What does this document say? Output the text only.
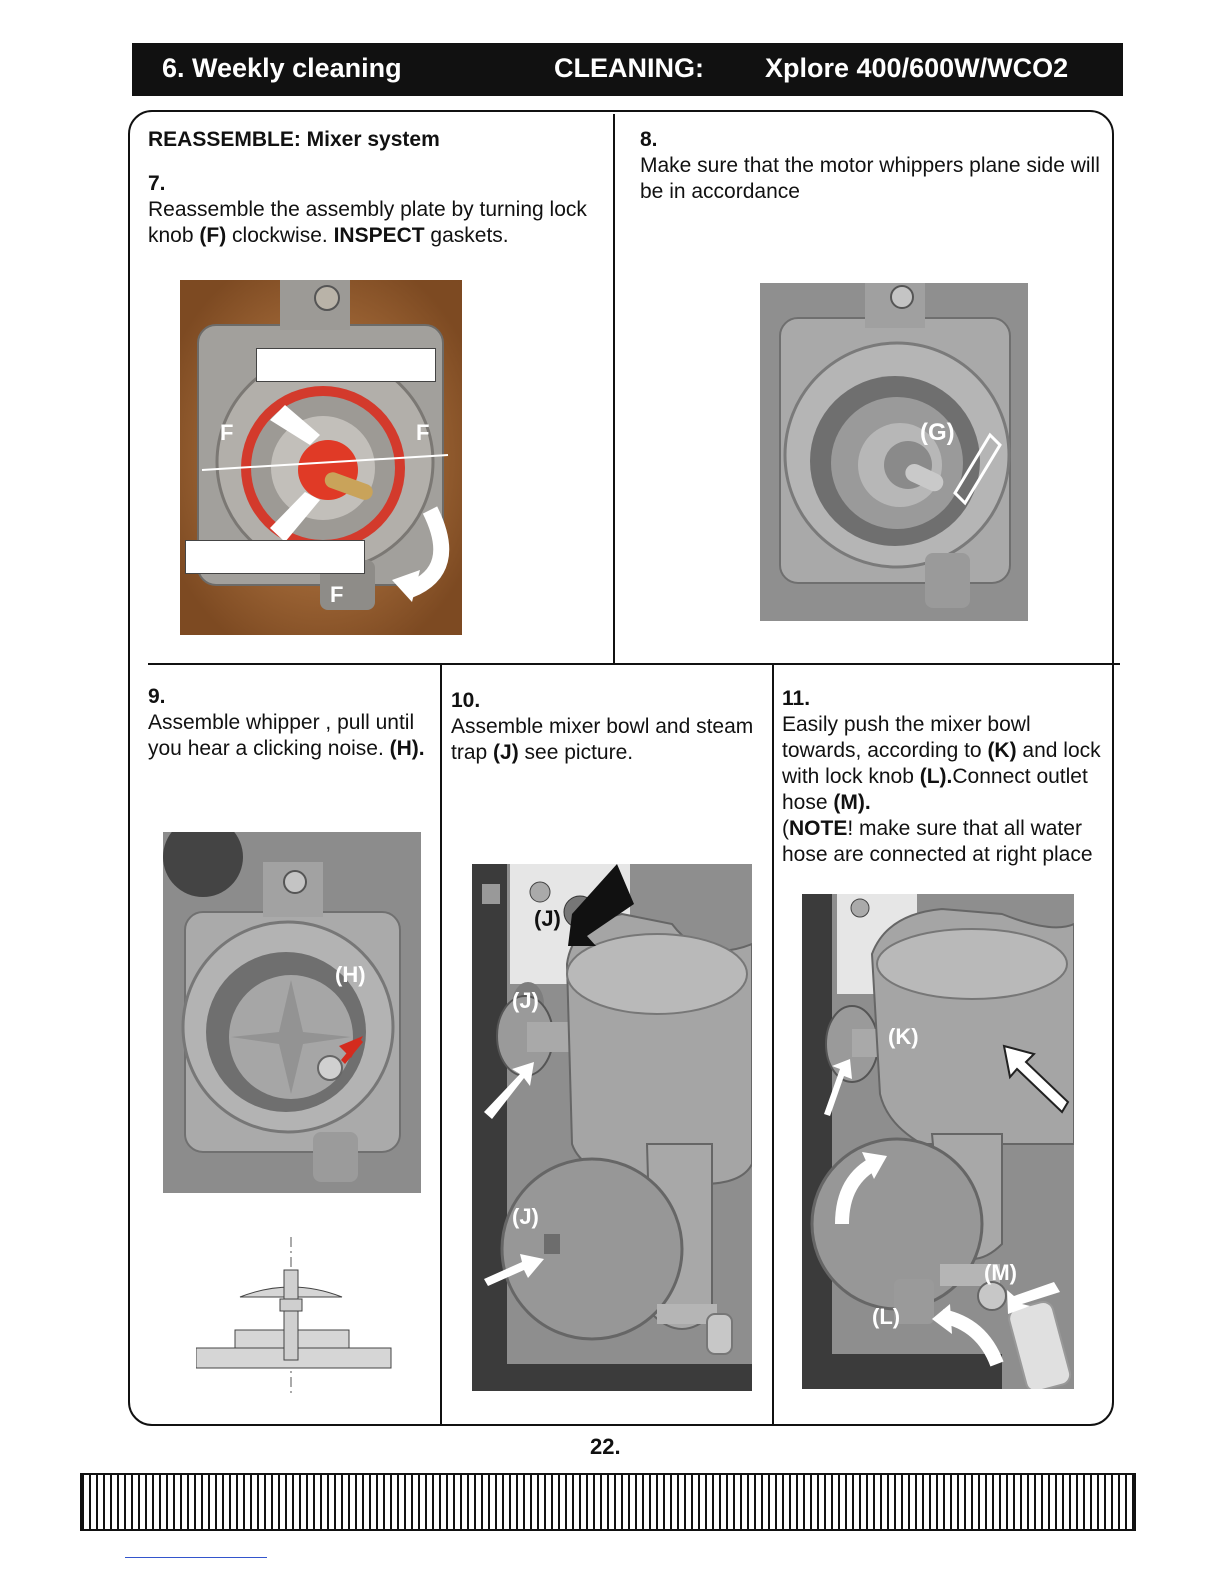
6. Weekly cleaning	CLEANING: Xplore 400/600W/WCO2
REASSEMBLE: Mixer system
7.
Reassemble the assembly plate by turning lock knob (F) clockwise. INSPECT gaskets.
F	F
F
8.
Make sure that the motor whippers plane side will be in accordance
(G)
9.
Assemble whipper , pull until you hear a clicking noise. (H).
(H)
10.
Assemble mixer bowl and steam trap (J) see picture.
(J)
(J)
(J)
11.
Easily push the mixer bowl towards, according to (K) and lock with lock knob (L).Connect outlet hose (M).
(NOTE! make sure that all water hose are connected at right place
(K)
(M)
(L)
22.
